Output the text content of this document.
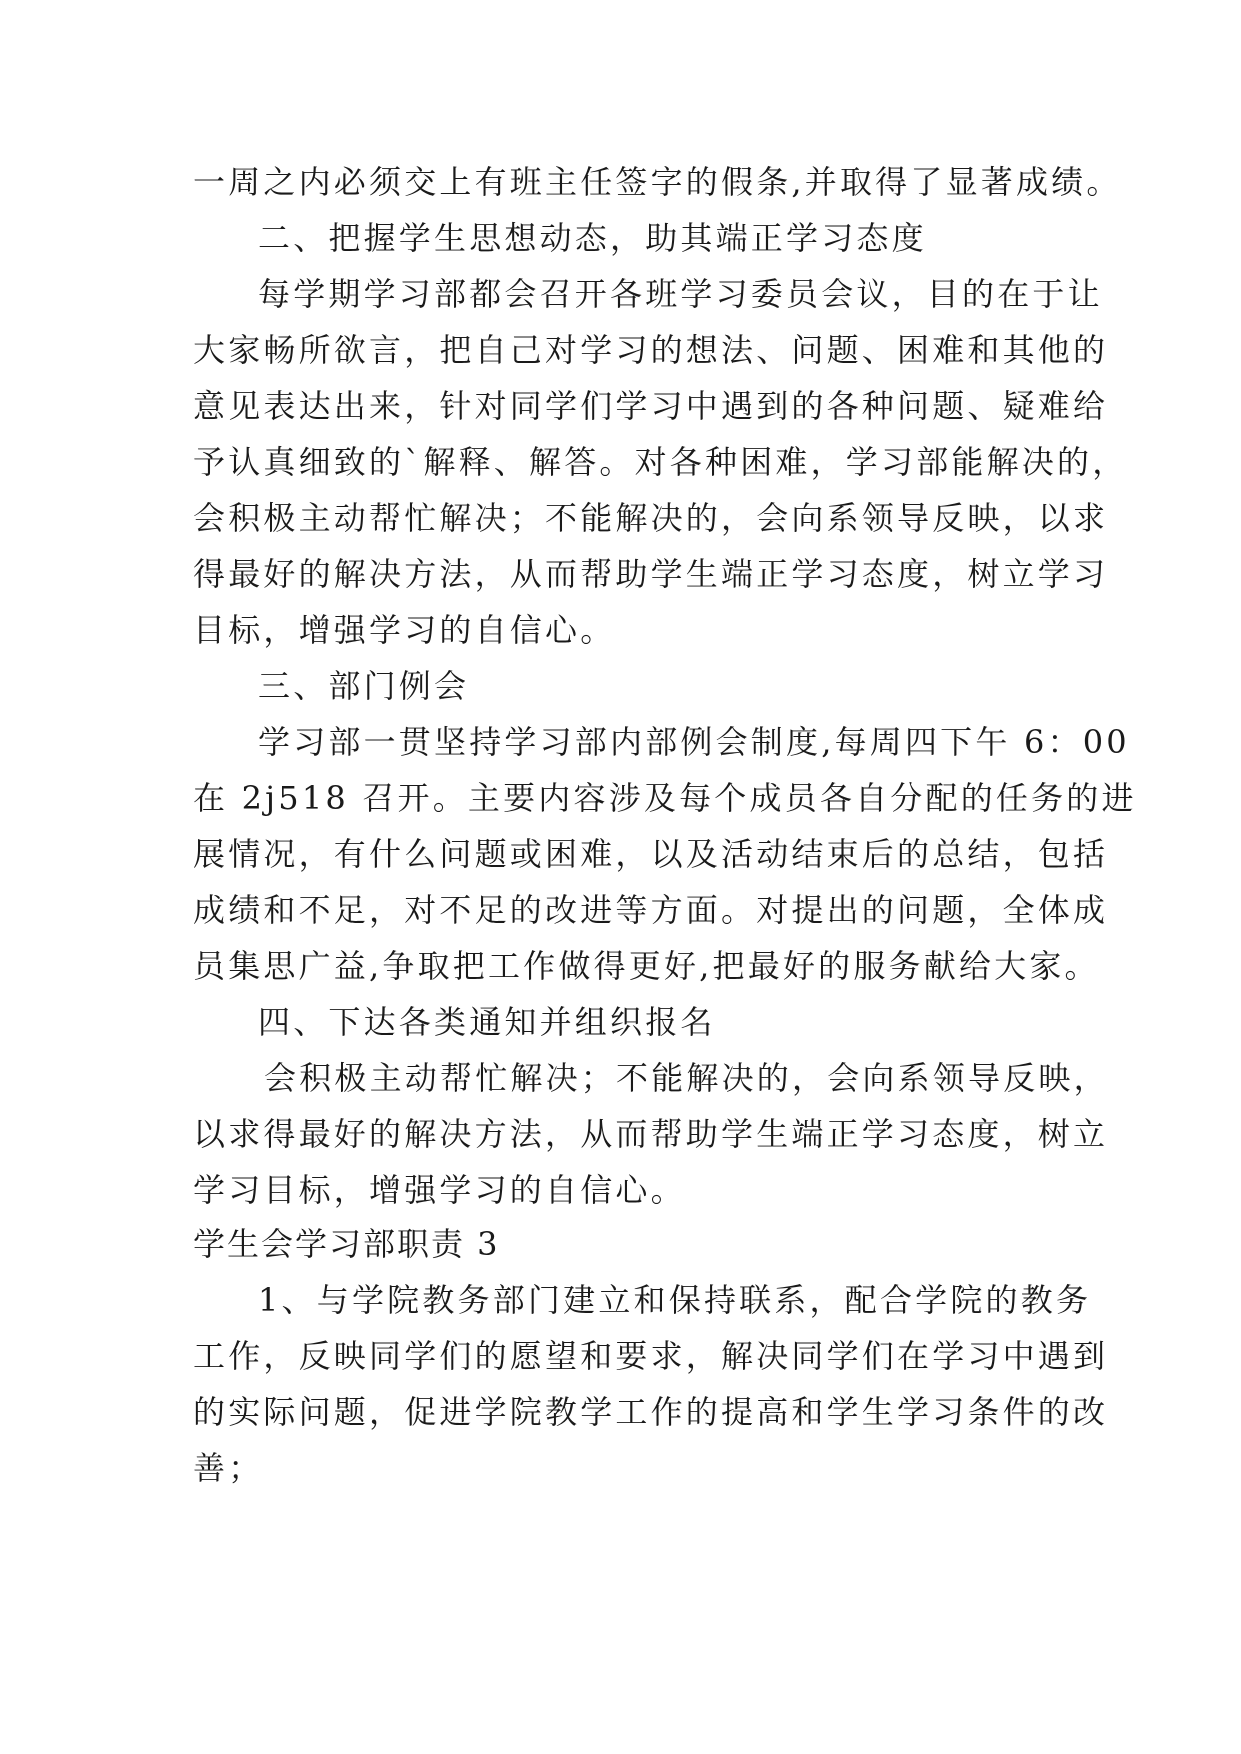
一周之内必须交上有班主任签字的假条,并取得了显著成绩。
二、把握学生思想动态，助其端正学习态度
每学期学习部都会召开各班学习委员会议，目的在于让
大家畅所欲言，把自己对学习的想法、问题、困难和其他的
意见表达出来，针对同学们学习中遇到的各种问题、疑难给
予认真细致的`解释、解答。对各种困难，学习部能解决的，
会积极主动帮忙解决；不能解决的，会向系领导反映，以求
得最好的解决方法，从而帮助学生端正学习态度，树立学习
目标，增强学习的自信心。
三、部门例会
学习部一贯坚持学习部内部例会制度,每周四下午 6：00
在 2j518 召开。主要内容涉及每个成员各自分配的任务的进
展情况，有什么问题或困难，以及活动结束后的总结，包括
成绩和不足，对不足的改进等方面。对提出的问题，全体成
员集思广益,争取把工作做得更好,把最好的服务献给大家。
四、下达各类通知并组织报名
会积极主动帮忙解决；不能解决的，会向系领导反映，
以求得最好的解决方法，从而帮助学生端正学习态度，树立
学习目标，增强学习的自信心。
学生会学习部职责 3
1、与学院教务部门建立和保持联系，配合学院的教务
工作，反映同学们的愿望和要求，解决同学们在学习中遇到
的实际问题，促进学院教学工作的提高和学生学习条件的改
善；
